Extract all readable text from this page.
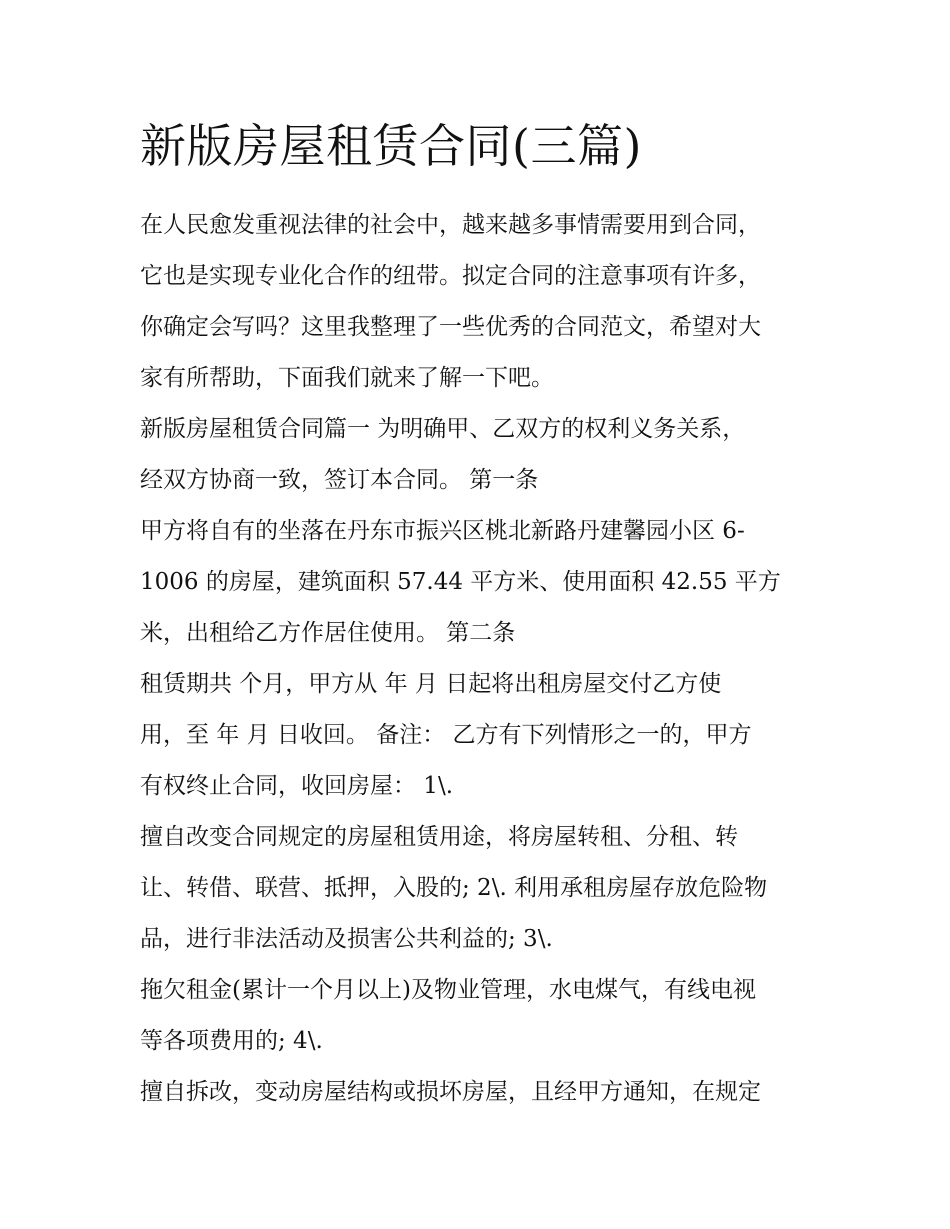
新版房屋租赁合同(三篇)

在人民愈发重视法律的社会中，越来越多事情需要用到合同，

它也是实现专业化合作的纽带。拟定合同的注意事项有许多，

你确定会写吗？这里我整理了一些优秀的合同范文，希望对大

家有所帮助，下面我们就来了解一下吧。

新版房屋租赁合同篇一 为明确甲、乙双方的权利义务关系，

经双方协商一致，签订本合同。 第一条

甲方将自有的坐落在丹东市振兴区桃北新路丹建馨园小区 6-

1006 的房屋，建筑面积 57.44 平方米、使用面积 42.55 平方

米，出租给乙方作居住使用。 第二条

租赁期共 个月，甲方从 年 月 日起将出租房屋交付乙方使

用，至 年 月 日收回。 备注： 乙方有下列情形之一的，甲方

有权终止合同，收回房屋： 1\.

擅自改变合同规定的房屋租赁用途，将房屋转租、分租、转

让、转借、联营、抵押，入股的; 2\. 利用承租房屋存放危险物

品，进行非法活动及损害公共利益的; 3\.

拖欠租金(累计一个月以上)及物业管理，水电煤气，有线电视

等各项费用的; 4\.

擅自拆改，变动房屋结构或损坏房屋，且经甲方通知，在规定
